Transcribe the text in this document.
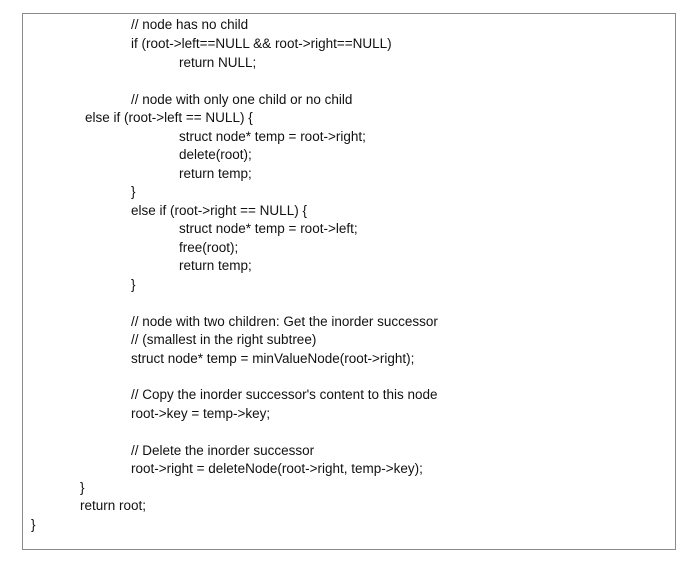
// node has no child
if (root->left==NULL && root->right==NULL)
return NULL;
// node with only one child or no child
else if (root->left == NULL) {
struct node* temp = root->right;
delete(root);
return temp;
}
else if (root->right == NULL) {
struct node* temp = root->left;
free(root);
return temp;
}
// node with two children: Get the inorder successor
// (smallest in the right subtree)
struct node* temp = minValueNode(root->right);
// Copy the inorder successor's content to this node
root->key = temp->key;
// Delete the inorder successor
root->right = deleteNode(root->right, temp->key);
}
return root;
}
